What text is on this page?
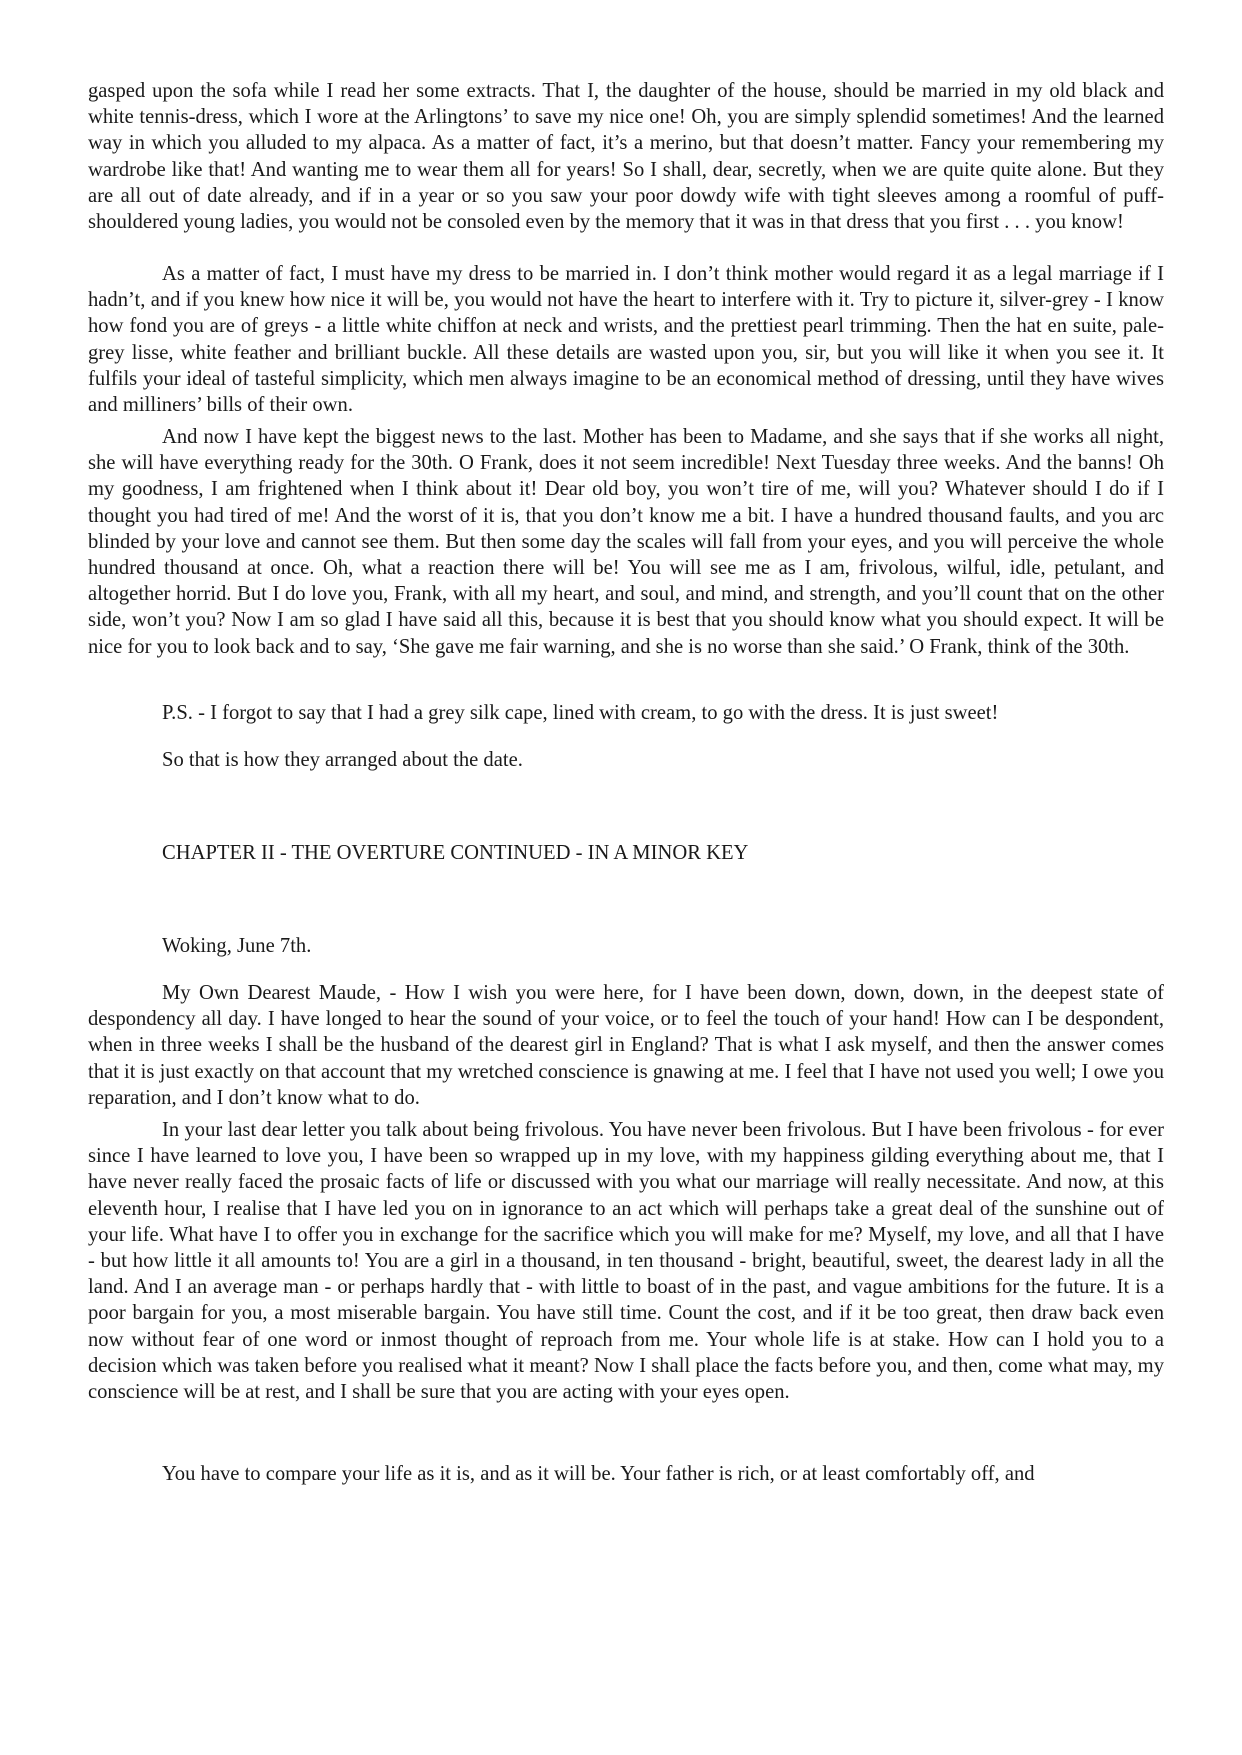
gasped upon the sofa while I read her some extracts. That I, the daughter of the house, should be married in my old black and white tennis-dress, which I wore at the Arlingtons’ to save my nice one! Oh, you are simply splendid sometimes! And the learned way in which you alluded to my alpaca. As a matter of fact, it’s a merino, but that doesn’t matter. Fancy your remembering my wardrobe like that! And wanting me to wear them all for years! So I shall, dear, secretly, when we are quite quite alone. But they are all out of date already, and if in a year or so you saw your poor dowdy wife with tight sleeves among a roomful of puff-shouldered young ladies, you would not be consoled even by the memory that it was in that dress that you first . . . you know!

As a matter of fact, I must have my dress to be married in. I don’t think mother would regard it as a legal marriage if I hadn’t, and if you knew how nice it will be, you would not have the heart to interfere with it. Try to picture it, silver-grey - I know how fond you are of greys - a little white chiffon at neck and wrists, and the prettiest pearl trimming. Then the hat en suite, pale-grey lisse, white feather and brilliant buckle. All these details are wasted upon you, sir, but you will like it when you see it. It fulfils your ideal of tasteful simplicity, which men always imagine to be an economical method of dressing, until they have wives and milliners’ bills of their own.

And now I have kept the biggest news to the last. Mother has been to Madame, and she says that if she works all night, she will have everything ready for the 30th. O Frank, does it not seem incredible! Next Tuesday three weeks. And the banns! Oh my goodness, I am frightened when I think about it! Dear old boy, you won’t tire of me, will you? Whatever should I do if I thought you had tired of me! And the worst of it is, that you don’t know me a bit. I have a hundred thousand faults, and you arc blinded by your love and cannot see them. But then some day the scales will fall from your eyes, and you will perceive the whole hundred thousand at once. Oh, what a reaction there will be! You will see me as I am, frivolous, wilful, idle, petulant, and altogether horrid. But I do love you, Frank, with all my heart, and soul, and mind, and strength, and you’ll count that on the other side, won’t you? Now I am so glad I have said all this, because it is best that you should know what you should expect. It will be nice for you to look back and to say, ‘She gave me fair warning, and she is no worse than she said.’ O Frank, think of the 30th.

P.S. - I forgot to say that I had a grey silk cape, lined with cream, to go with the dress. It is just sweet!
So that is how they arranged about the date.
CHAPTER II - THE OVERTURE CONTINUED - IN A MINOR KEY
Woking, June 7th.

My Own Dearest Maude, - How I wish you were here, for I have been down, down, down, in the deepest state of despondency all day. I have longed to hear the sound of your voice, or to feel the touch of your hand! How can I be despondent, when in three weeks I shall be the husband of the dearest girl in England? That is what I ask myself, and then the answer comes that it is just exactly on that account that my wretched conscience is gnawing at me. I feel that I have not used you well; I owe you reparation, and I don’t know what to do.

In your last dear letter you talk about being frivolous. You have never been frivolous. But I have been frivolous - for ever since I have learned to love you, I have been so wrapped up in my love, with my happiness gilding everything about me, that I have never really faced the prosaic facts of life or discussed with you what our marriage will really necessitate. And now, at this eleventh hour, I realise that I have led you on in ignorance to an act which will perhaps take a great deal of the sunshine out of your life. What have I to offer you in exchange for the sacrifice which you will make for me? Myself, my love, and all that I have - but how little it all amounts to! You are a girl in a thousand, in ten thousand - bright, beautiful, sweet, the dearest lady in all the land. And I an average man - or perhaps hardly that - with little to boast of in the past, and vague ambitions for the future. It is a poor bargain for you, a most miserable bargain. You have still time. Count the cost, and if it be too great, then draw back even now without fear of one word or inmost thought of reproach from me. Your whole life is at stake. How can I hold you to a decision which was taken before you realised what it meant? Now I shall place the facts before you, and then, come what may, my conscience will be at rest, and I shall be sure that you are acting with your eyes open.

You have to compare your life as it is, and as it will be. Your father is rich, or at least comfortably off, and
